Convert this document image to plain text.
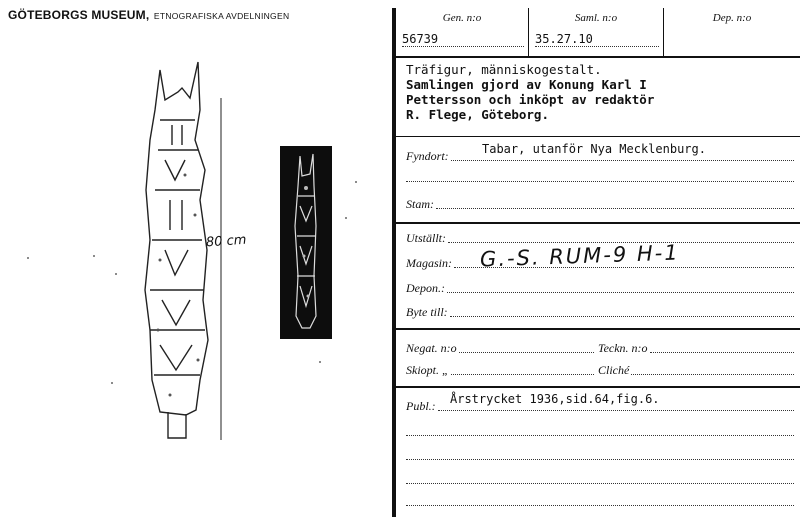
GÖTEBORGS MUSEUM, ETNOGRAFISKA AVDELNINGEN
80 cm
Gen. n:o
56739
Saml. n:o
35.27.10
Dep. n:o
Träfigur, människogestalt.
Samlingen gjord av Konung Karl I
Pettersson och inköpt av redaktör
R. Flege, Göteborg.
Fyndort:	Tabar, utanför Nya Mecklenburg.
Stam:
Utställt:
Magasin: G.-S. RUM-9 H-1
Depon.:
Byte till:
Negat. n:o	Teckn. n:o
Skiopt. „	Cliché
Publ.: Årstrycket 1936,sid.64,fig.6.
